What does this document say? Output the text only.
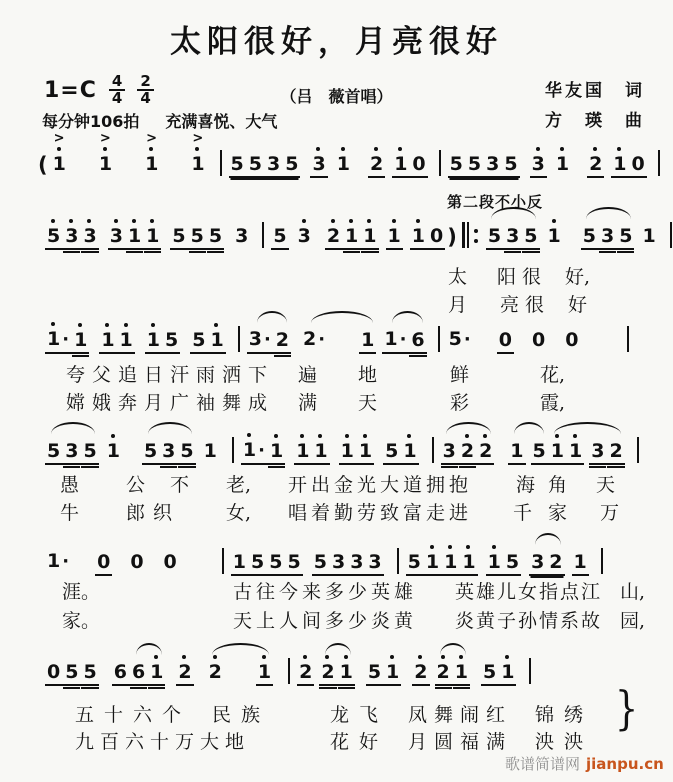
太阳很好，月亮很好
$1=C \frac{4}{4} \frac{2}{4}$	（吕　薇首唱）	华友国　词
方　瑛　曲
每分钟106拍 充满喜悦、大气
第二段不小反
( 1
>
1
>
1
>
1
>
5 5 3 5 3 1 2 1 0 5 5 3 5 3 1 2 1 0
5 3 3 3 1 1 5 5 5 3 5 3 2 1 1 1 1 0 ) 5 3 5 1 5 3 5 1
1 · 1 1 1 1 5 5 1 3 · 2 2 · 1 1 · 6 5 · 0 0 0
5 3 5 1 5 3 5 1 1 · 1 1 1 1 1 5 1 3 2 2 1 5 1 1 3 2
1 · 0 0 0	1 5 5 5 5 3 3 3 5 1 1 1 1 5 3 2 1
0 5 5 6 6 1 2 2 1 2 2 1 5 1 2 2 1 5 1
太 阳很 好,
月 亮很 好
夸父追日汗雨洒下 遍 地	鲜	花,
嫦娥奔月广袖舞成 满 天	彩	霞,
愚 公 不 老, 开出金光大道拥抱 海 角 天
牛 郎织 女, 唱着勤劳致富走进 千 家 万
涯。	古往今来多少英雄 英雄儿女指点江 山,
家。	天上人间多少炎黄 炎黄子孙情系故 园,
五十六个 民族	龙飞 凤舞闹红 锦绣
九百六十万大地	花好 月圆福满 泱泱
}
歌谱简谱网 jianpu.cn
